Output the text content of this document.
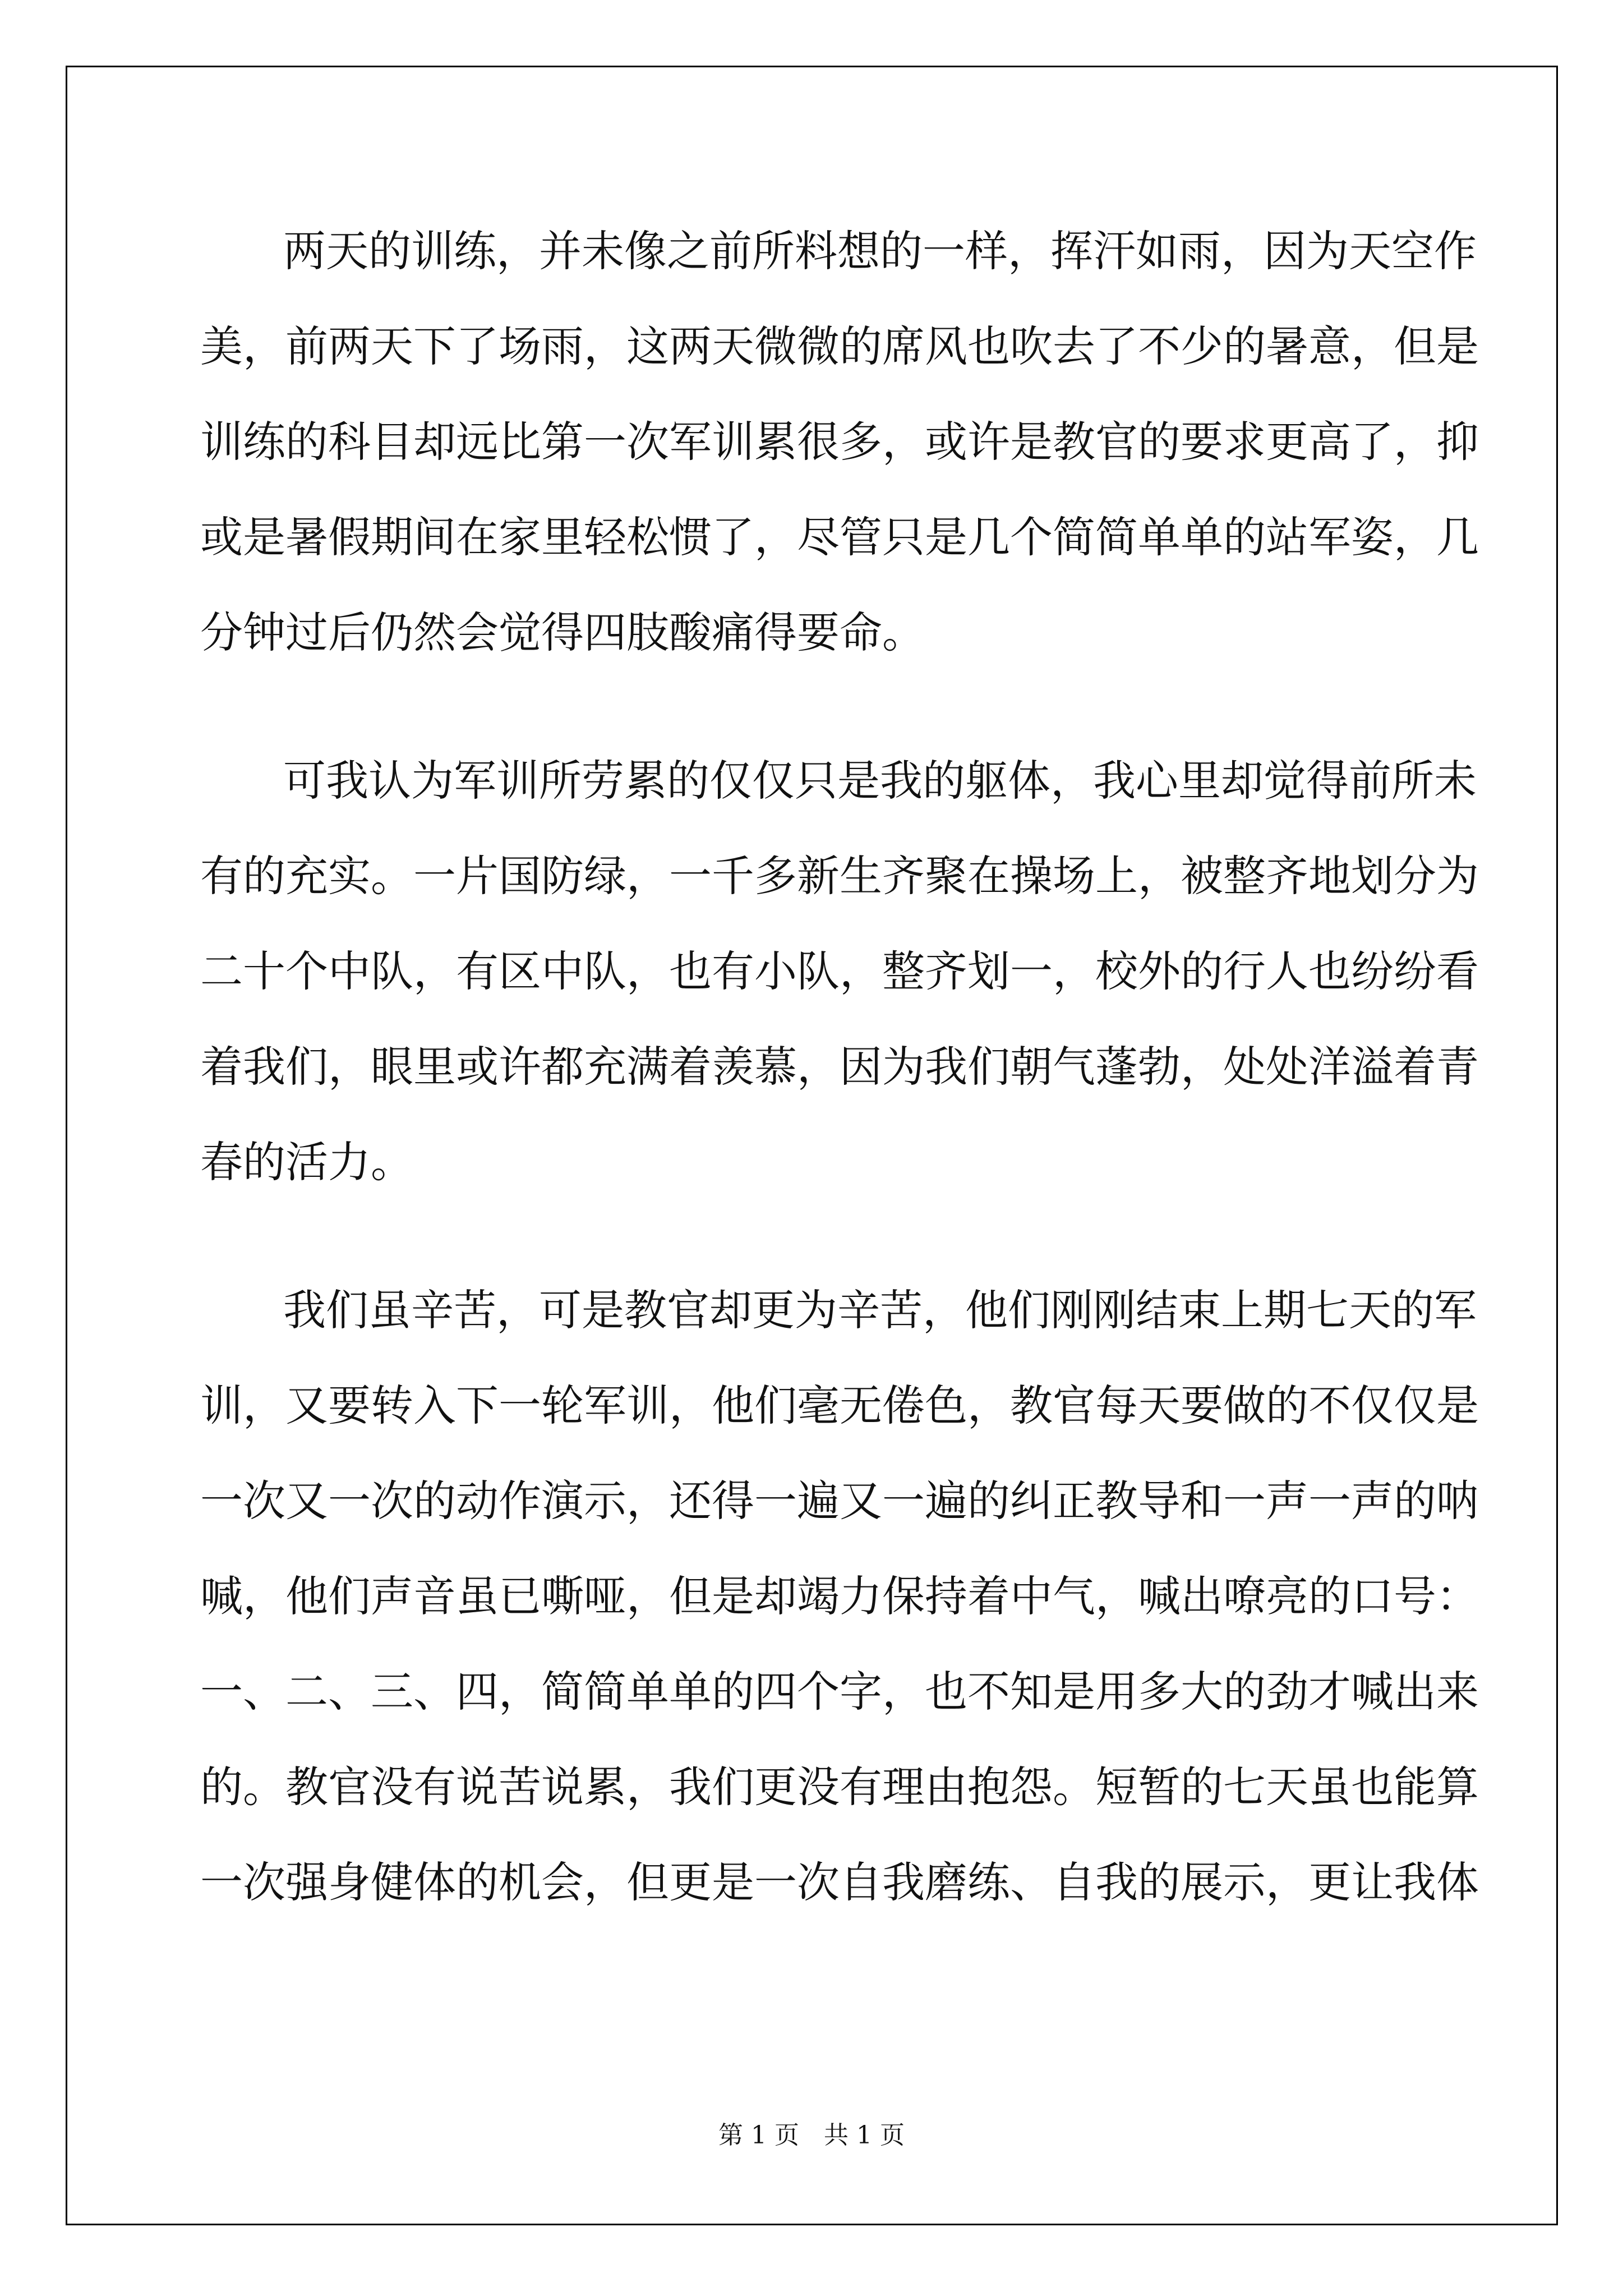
两天的训练，并未像之前所料想的一样，挥汗如雨，因为天空作
美，前两天下了场雨，这两天微微的席风也吹去了不少的暑意，但是
训练的科目却远比第一次军训累很多，或许是教官的要求更高了，抑
或是暑假期间在家里轻松惯了，尽管只是几个简简单单的站军姿，几
分钟过后仍然会觉得四肢酸痛得要命。
可我认为军训所劳累的仅仅只是我的躯体，我心里却觉得前所未
有的充实。一片国防绿，一千多新生齐聚在操场上，被整齐地划分为
二十个中队，有区中队，也有小队，整齐划一，校外的行人也纷纷看
着我们，眼里或许都充满着羡慕，因为我们朝气蓬勃，处处洋溢着青
春的活力。
我们虽辛苦，可是教官却更为辛苦，他们刚刚结束上期七天的军
训，又要转入下一轮军训，他们毫无倦色，教官每天要做的不仅仅是
一次又一次的动作演示，还得一遍又一遍的纠正教导和一声一声的呐
喊，他们声音虽已嘶哑，但是却竭力保持着中气，喊出嘹亮的口号：
一、二、三、四，简简单单的四个字，也不知是用多大的劲才喊出来
的。教官没有说苦说累，我们更没有理由抱怨。短暂的七天虽也能算
一次强身健体的机会，但更是一次自我磨练、自我的展示，更让我体
第 1 页　共 1 页
